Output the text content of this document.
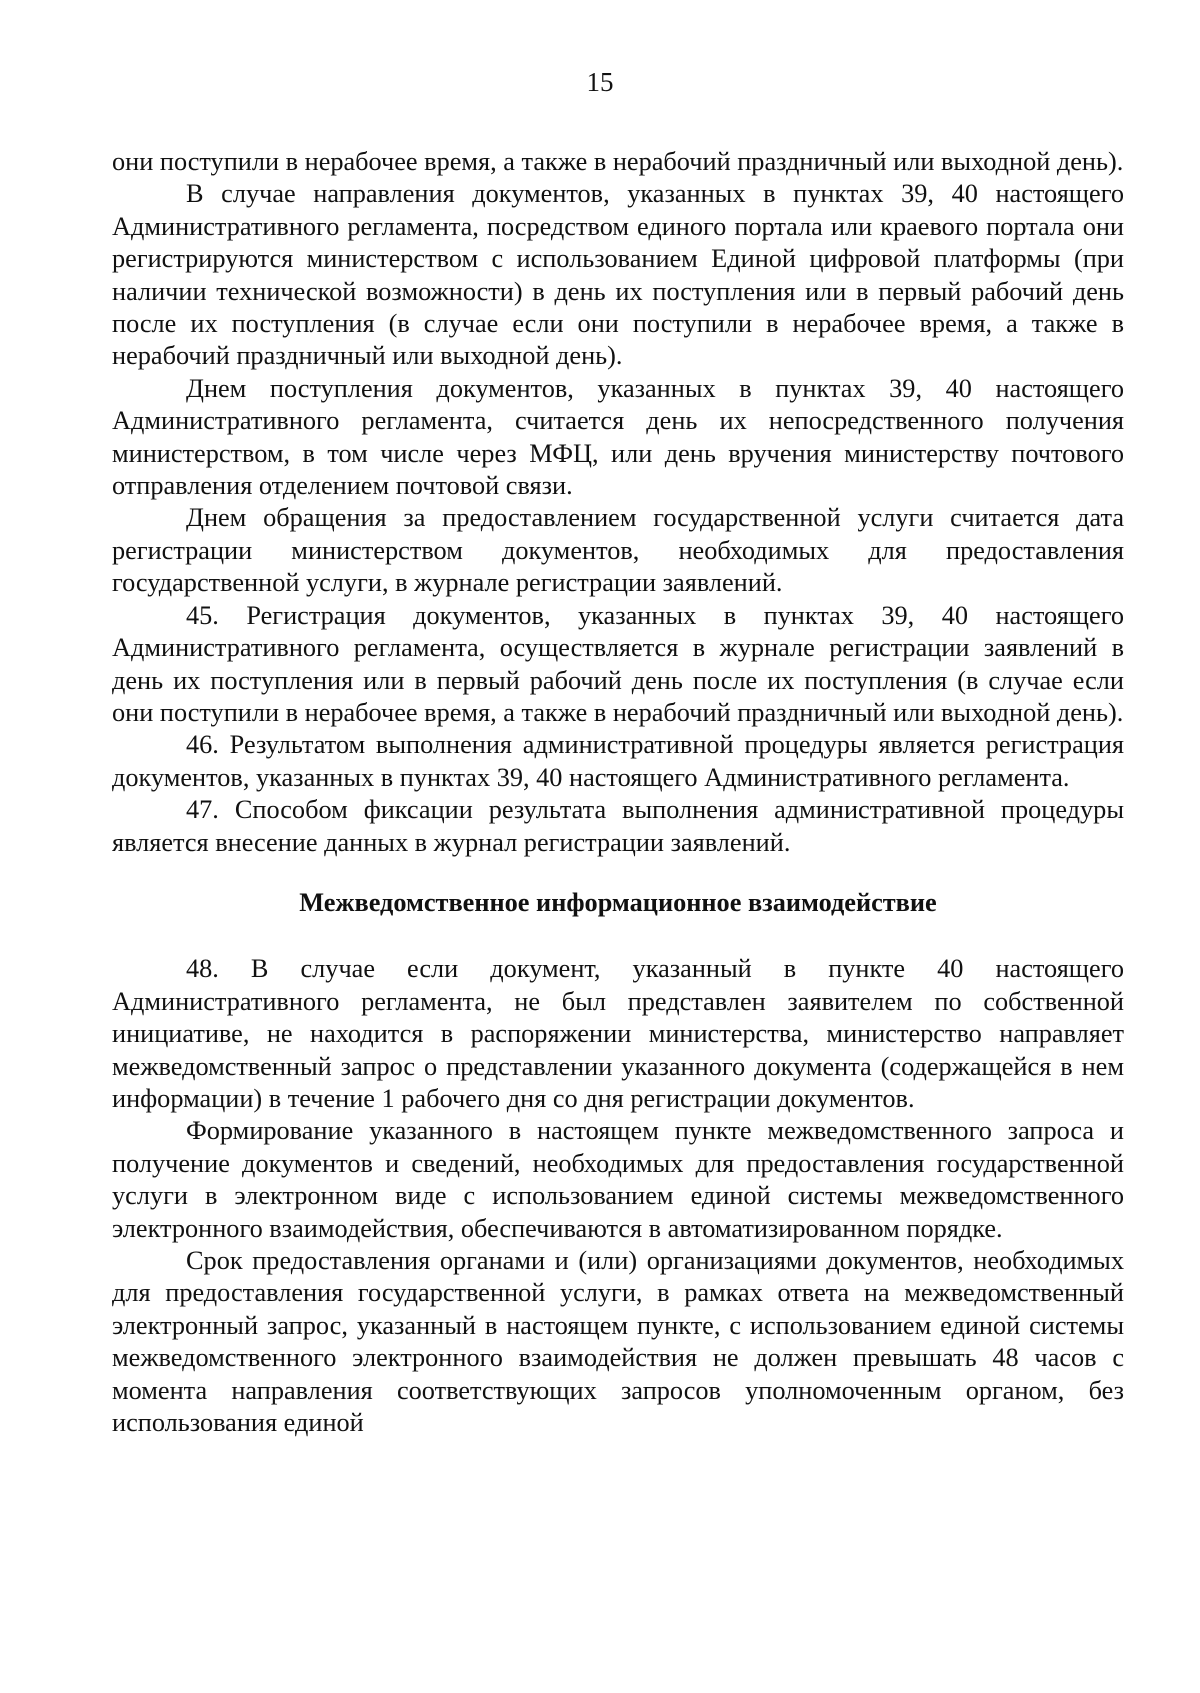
15

они поступили в нерабочее время, а также в нерабочий праздничный или выходной день).

В случае направления документов, указанных в пунктах 39, 40 настоящего Административного регламента, посредством единого портала или краевого портала они регистрируются министерством с использованием Единой цифровой платформы (при наличии технической возможности) в день их поступления или в первый рабочий день после их поступления (в случае если они поступили в нерабочее время, а также в нерабочий праздничный или выходной день).

Днем поступления документов, указанных в пунктах 39, 40 настоящего Административного регламента, считается день их непосредственного получения министерством, в том числе через МФЦ, или день вручения министерству почтового отправления отделением почтовой связи.

Днем обращения за предоставлением государственной услуги считается дата регистрации министерством документов, необходимых для предоставления государственной услуги, в журнале регистрации заявлений.

45. Регистрация документов, указанных в пунктах 39, 40 настоящего Административного регламента, осуществляется в журнале регистрации заявлений в день их поступления или в первый рабочий день после их поступления (в случае если они поступили в нерабочее время, а также в нерабочий праздничный или выходной день).

46. Результатом выполнения административной процедуры является регистрация документов, указанных в пунктах 39, 40 настоящего Административного регламента.

47. Способом фиксации результата выполнения административной процедуры является внесение данных в журнал регистрации заявлений.

Межведомственное информационное взаимодействие

48. В случае если документ, указанный в пункте 40 настоящего Административного регламента, не был представлен заявителем по собственной инициативе, не находится в распоряжении министерства, министерство направляет межведомственный запрос о представлении указанного документа (содержащейся в нем информации) в течение 1 рабочего дня со дня регистрации документов.

Формирование указанного в настоящем пункте межведомственного запроса и получение документов и сведений, необходимых для предоставления государственной услуги в электронном виде с использованием единой системы межведомственного электронного взаимодействия, обеспечиваются в автоматизированном порядке.

Срок предоставления органами и (или) организациями документов, необходимых для предоставления государственной услуги, в рамках ответа на межведомственный электронный запрос, указанный в настоящем пункте, с использованием единой системы межведомственного электронного взаимодействия не должен превышать 48 часов с момента направления соответствующих запросов уполномоченным органом, без использования единой
